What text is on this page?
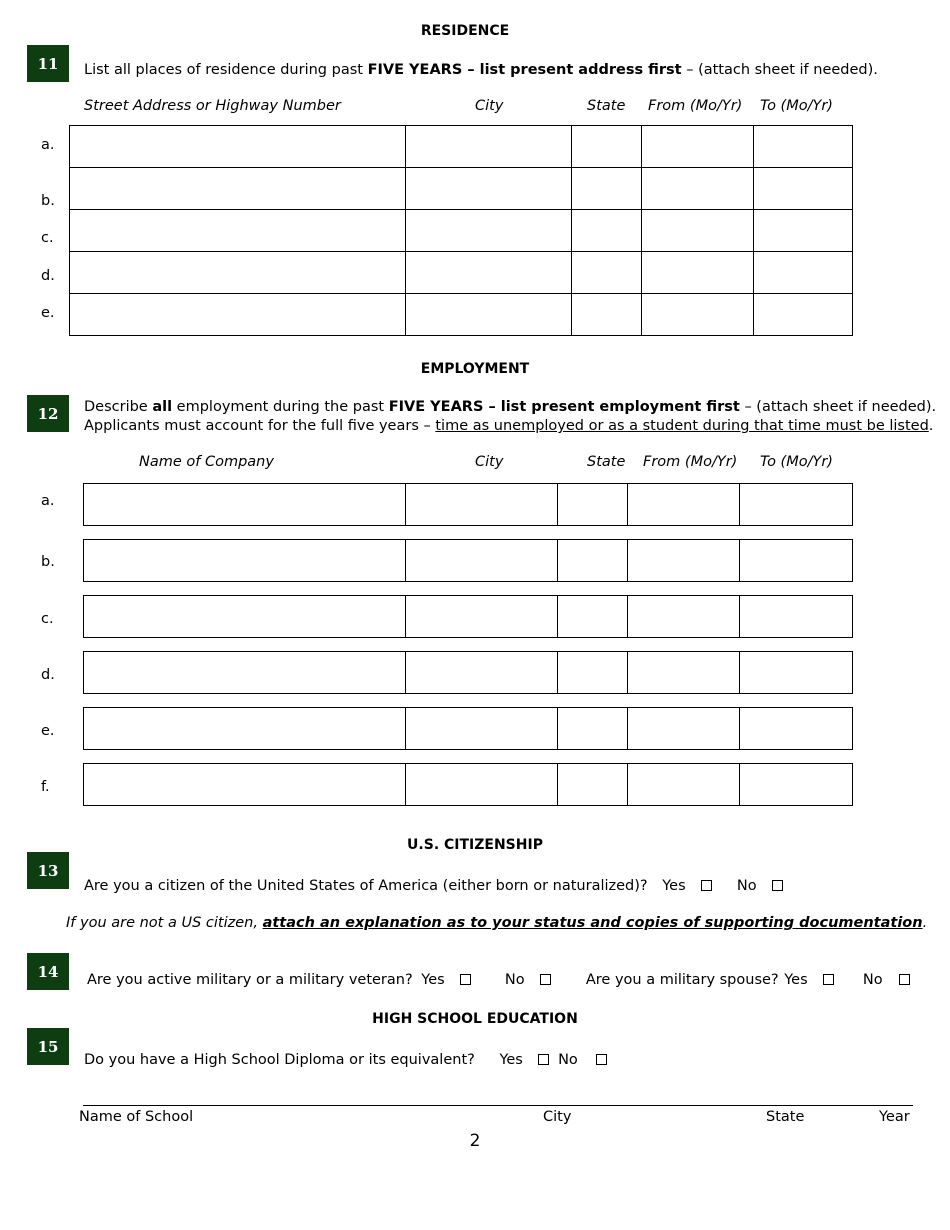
RESIDENCE
11	List all places of residence during past FIVE YEARS – list present address first – (attach sheet if needed).
Street Address or Highway Number	City	State From (Mo/Yr) To (Mo/Yr)
a.
b.
c.
d.
e.

EMPLOYMENT
12	Describe all employment during the past FIVE YEARS – list present employment first – (attach sheet if needed).
Applicants must account for the full five years – time as unemployed or as a student during that time must be listed.
Name of Company	City	State From (Mo/Yr) To (Mo/Yr)
a.

b.

c.

d.

e.

f.

U.S. CITIZENSHIP
13
Are you a citizen of the United States of America (either born or naturalized)? Yes	No
If you are not a US citizen, attach an explanation as to your status and copies of supporting documentation.
14	Are you active military or a military veteran? Yes	No	Are you a military spouse? Yes	No
HIGH SCHOOL EDUCATION
15
Do you have a High School Diploma or its equivalent? Yes No
Name of School	City	State	Year
2
